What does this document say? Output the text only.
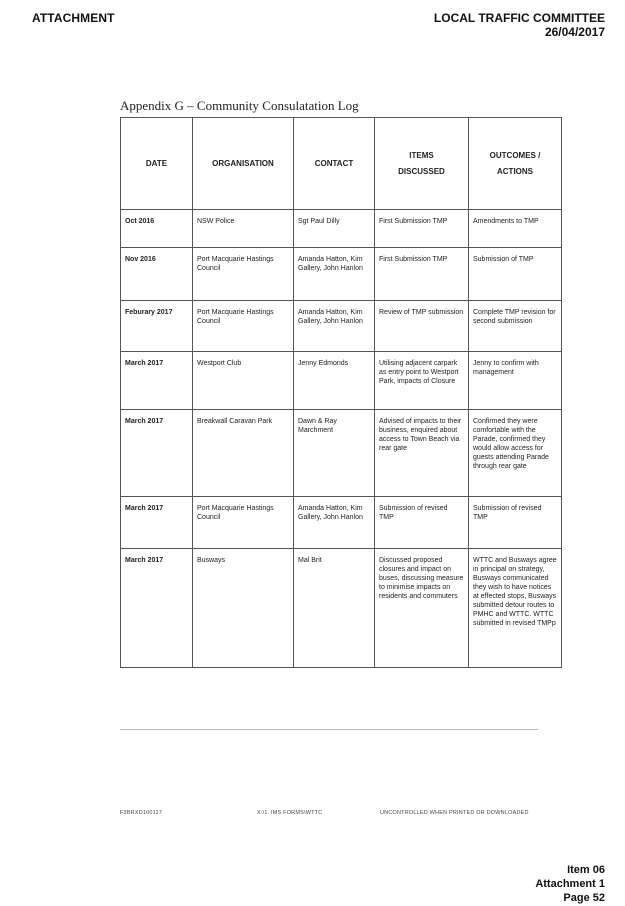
ATTACHMENT	LOCAL TRAFFIC COMMITTEE
26/04/2017
Appendix G – Community Consulatation Log
DATE	ORGANISATION	CONTACT	ITEMS DISCUSSED	OUTCOMES / ACTIONS

Oct 2016	NSW Police	Sgt Paul Dilly	First Submission TMP	Amendments to TMP

Nov 2016	Port Macquarie Hastings Council	Amanda Hatton, Kim Gallery, John Hanlon	First Submission TMP	Submission of TMP

Feburary 2017	Port Macquarie Hastings Council	Amanda Hatton, Kim Gallery, John Hanlon	Review of TMP submission	Complete TMP revision for second submission

March 2017	Westport Club	Jenny Edmonds	Utilising adjacent carpark as entry point to Westport Park, impacts of Closure	Jenny to confirm with management

March 2017	Breakwall Caravan Park	Dawn & Ray Marchment	Advised of impacts to their business, enquired about access to Town Beach via rear gate	Confirmed they were comfortable with the Parade, confirmed they would allow access for guests attending Parade through rear gate

March 2017	Port Macquarie Hastings Council	Amanda Hatton, Kim Gallery, John Hanlon	Submission of revised TMP	Submission of revised TMP

March 2017	Busways	Mal Brit	Discussed proposed closures and impact on buses, discussing measure to minimise impacts on residents and commuters	WTTC and Busways agree in principal on strategy, Busways communicated they wish to have notices at effected stops, Busways submitted detour routes to PMHC and WTTC. WTTC submitted in revised TMPp
F3BRXD100117	X:\1. IMS FORMS\WTTC	UNCONTROLLED WHEN PRINTED OR DOWNLOADED
Item 06
Attachment 1
Page 52
